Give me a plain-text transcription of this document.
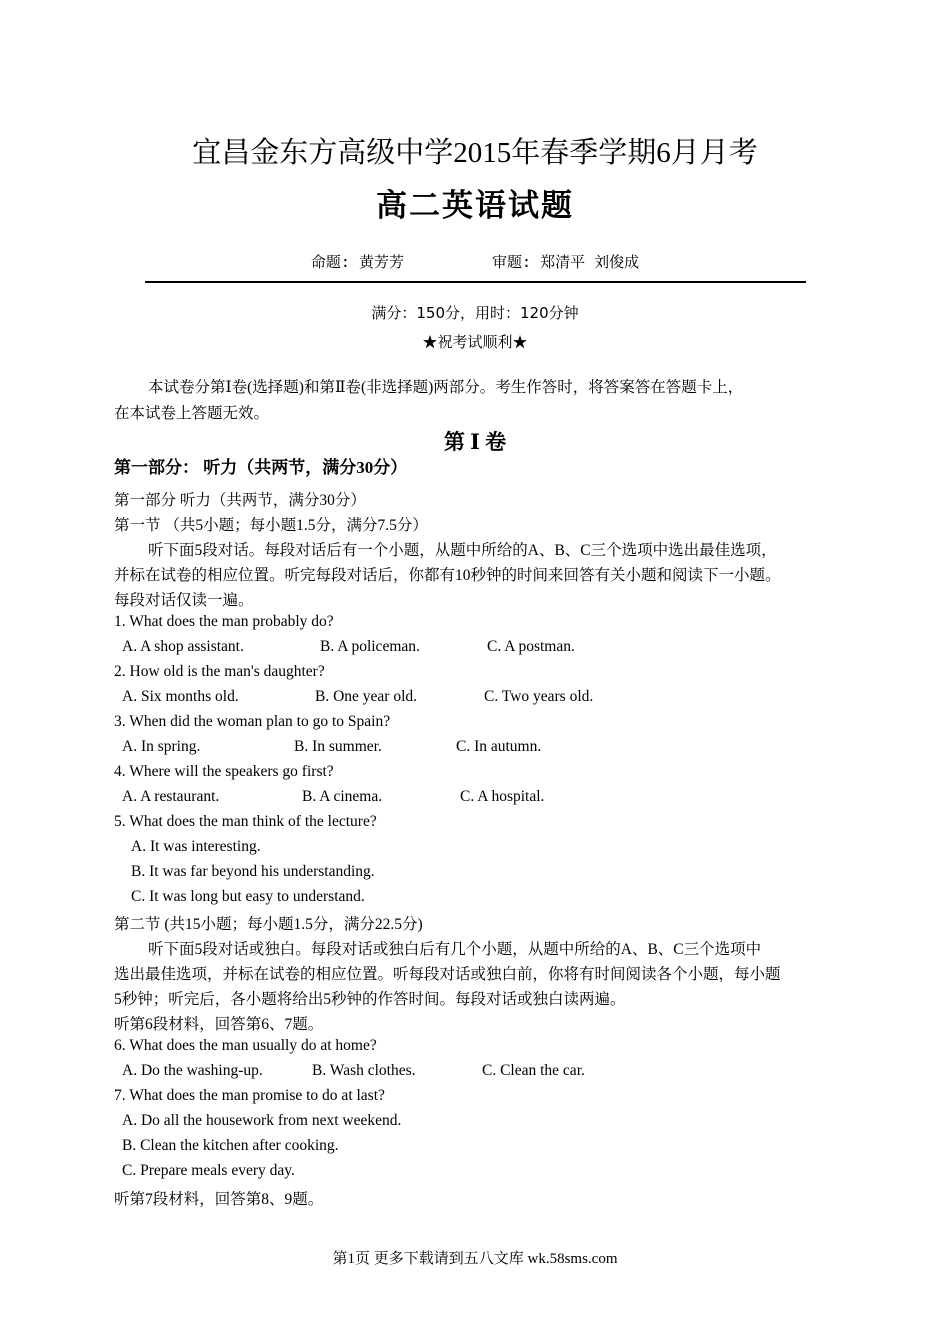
宜昌金东方高级中学2015年春季学期6月月考
高二英语试题
命题: 黄芳芳	审题: 郑清平 刘俊成
满分：150分，用时：120分钟
★祝考试顺利★
本试卷分第Ⅰ卷(选择题)和第Ⅱ卷(非选择题)两部分。考生作答时，将答案答在答题卡上，
在本试卷上答题无效。
第 Ⅰ 卷
第一部分： 听力（共两节，满分30分）
第一部分 听力（共两节，满分30分）
第一节 （共5小题；每小题1.5分，满分7.5分）
听下面5段对话。每段对话后有一个小题，从题中所给的A、B、C三个选项中选出最佳选项，
并标在试卷的相应位置。听完每段对话后，你都有10秒钟的时间来回答有关小题和阅读下一小题。
每段对话仅读一遍。
1. What does the man probably do?
A. A shop assistant.	B. A policeman.	C. A postman.
2. How old is the man's daughter?
A. Six months old.	B. One year old.	C. Two years old.
3. When did the woman plan to go to Spain?
A. In spring.	B. In summer.	C. In autumn.
4. Where will the speakers go first?
A. A restaurant.	B. A cinema.	C. A hospital.
5. What does the man think of the lecture?
A. It was interesting.
B. It was far beyond his understanding.
C. It was long but easy to understand.
第二节 (共15小题；每小题1.5分，满分22.5分)
听下面5段对话或独白。每段对话或独白后有几个小题，从题中所给的A、B、C三个选项中
选出最佳选项，并标在试卷的相应位置。听每段对话或独白前，你将有时间阅读各个小题，每小题
5秒钟；听完后，各小题将给出5秒钟的作答时间。每段对话或独白读两遍。
听第6段材料，回答第6、7题。
6. What does the man usually do at home?
A. Do the washing-up.	B. Wash clothes.	C. Clean the car.
7. What does the man promise to do at last?
A. Do all the housework from next weekend.
B. Clean the kitchen after cooking.
C. Prepare meals every day.
听第7段材料，回答第8、9题。
第1页 更多下载请到五八文库 wk.58sms.com
